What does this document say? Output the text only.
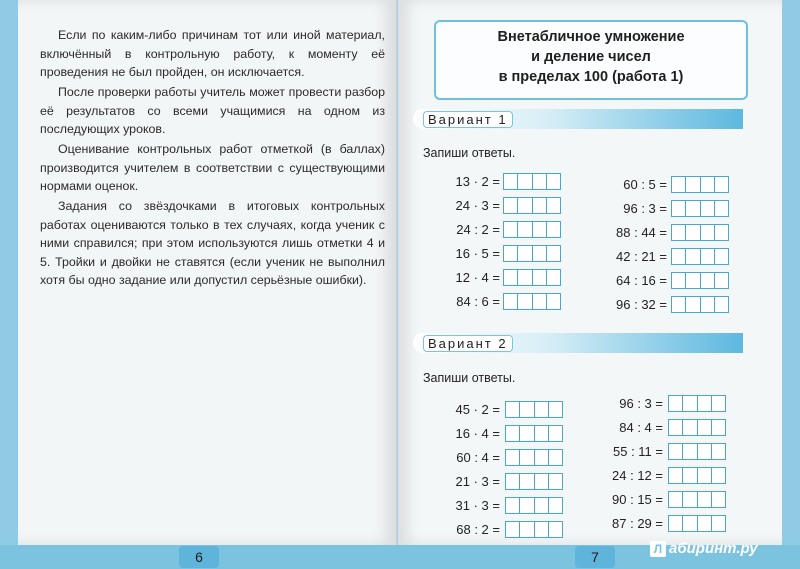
Если по каким-либо причинам тот или иной материал, включённый в контрольную работу, к моменту её проведения не был пройден, он исключается.

После проверки работы учитель может провести разбор её результатов со всеми учащимися на одном из последующих уроков.

Оценивание контрольных работ отметкой (в баллах) производится учителем в соответствии с существующими нормами оценок.

Задания со звёздочками в итоговых контрольных работах оцениваются только в тех случаях, когда ученик с ними справился; при этом используются лишь отметки 4 и 5. Тройки и двойки не ставятся (если ученик не выполнил хотя бы одно задание или допустил серьёзные ошибки).

Внетабличное умножение
и деление чисел
в пределах 100 (работа 1)
Вариант 1
Запиши ответы.
13 · 2 =
24 · 3 =
24 : 2 =
16 · 5 =
12 · 4 =
84 : 6 =
60 : 5 =
96 : 3 =
88 : 44 =
42 : 21 =
64 : 16 =
96 : 32 =
Вариант 2
Запиши ответы.
45 · 2 =
16 · 4 =
60 : 4 =
21 · 3 =
31 · 3 =
68 : 2 =
96 : 3 =
84 : 4 =
55 : 11 =
24 : 12 =
90 : 15 =
87 : 29 =
6	7	Л абиринт.ру
